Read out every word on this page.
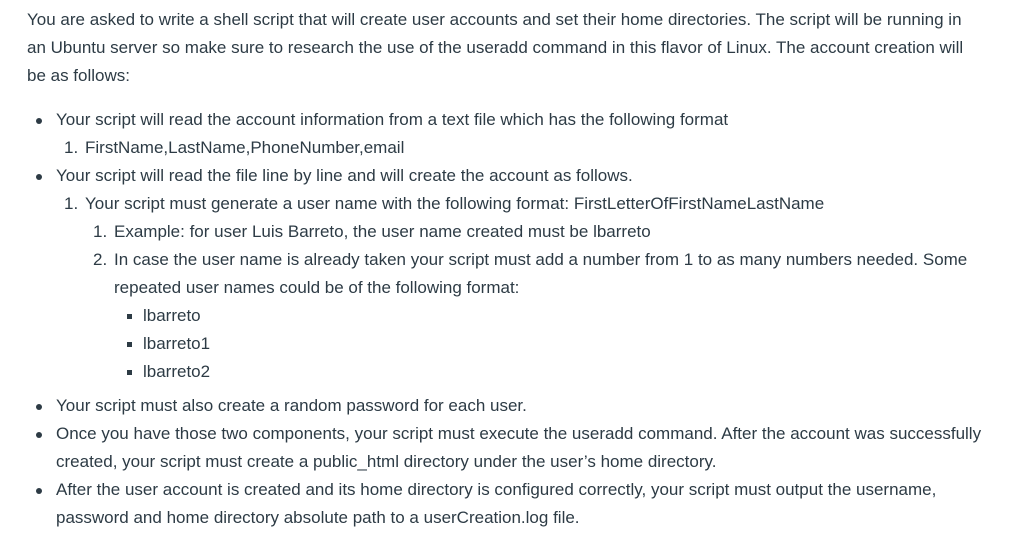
You are asked to write a shell script that will create user accounts and set their home directories. The script will be running in an Ubuntu server so make sure to research the use of the useradd command in this flavor of Linux. The account creation will be as follows:

Your script will read the account information from a text file which has the following format
1. FirstName,LastName,PhoneNumber,email
Your script will read the file line by line and will create the account as follows.
1. Your script must generate a user name with the following format: FirstLetterOfFirstNameLastName
1. Example: for user Luis Barreto, the user name created must be lbarreto
2. In case the user name is already taken your script must add a number from 1 to as many numbers needed. Some repeated user names could be of the following format:
lbarreto
lbarreto1
lbarreto2
Your script must also create a random password for each user.
Once you have those two components, your script must execute the useradd command. After the account was successfully created, your script must create a public_html directory under the user’s home directory.
After the user account is created and its home directory is configured correctly, your script must output the username, password and home directory absolute path to a userCreation.log file.
